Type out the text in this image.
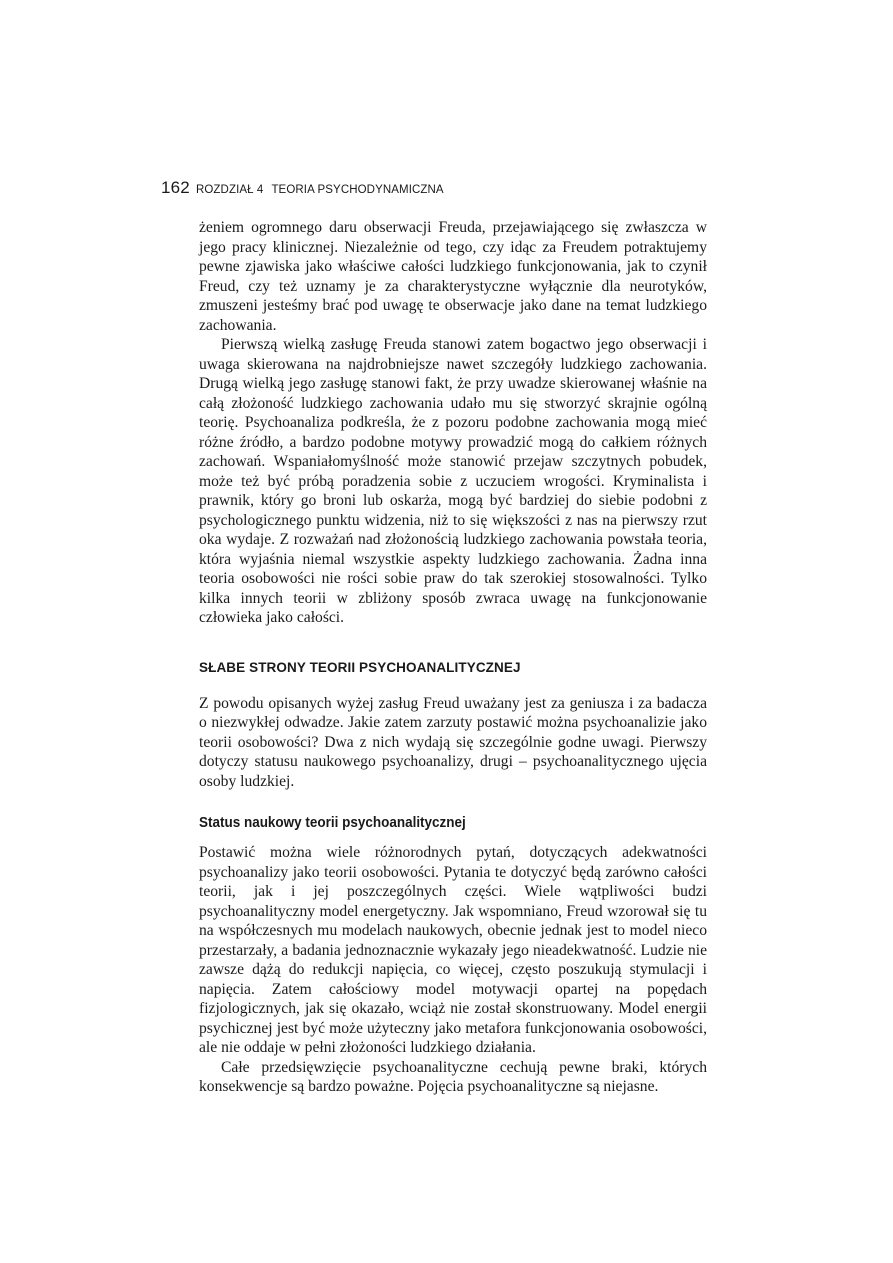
162 ROZDZIAŁ 4 TEORIA PSYCHODYNAMICZNA

żeniem ogromnego daru obserwacji Freuda, przejawiającego się zwłaszcza w jego pracy klinicznej. Niezależnie od tego, czy idąc za Freudem potraktujemy pewne zjawiska jako właściwe całości ludzkiego funkcjonowania, jak to czynił Freud, czy też uznamy je za charakterystyczne wyłącznie dla neurotyków, zmuszeni jesteśmy brać pod uwagę te obserwacje jako dane na temat ludzkiego zachowania.

Pierwszą wielką zasługę Freuda stanowi zatem bogactwo jego obserwacji i uwaga skierowana na najdrobniejsze nawet szczegóły ludzkiego zachowania. Drugą wielką jego zasługę stanowi fakt, że przy uwadze skierowanej właśnie na całą złożoność ludzkiego zachowania udało mu się stworzyć skrajnie ogólną teorię. Psychoanaliza podkreśla, że z pozoru podobne zachowania mogą mieć różne źródło, a bardzo podobne motywy prowadzić mogą do całkiem różnych zachowań. Wspaniałomyślność może stanowić przejaw szczytnych pobudek, może też być próbą poradzenia sobie z uczuciem wrogości. Kryminalista i prawnik, który go broni lub oskarża, mogą być bardziej do siebie podobni z psychologicznego punktu widzenia, niż to się większości z nas na pierwszy rzut oka wydaje. Z rozważań nad złożonością ludzkiego zachowania powstała teoria, która wyjaśnia niemal wszystkie aspekty ludzkiego zachowania. Żadna inna teoria osobowości nie rości sobie praw do tak szerokiej stosowalności. Tylko kilka innych teorii w zbliżony sposób zwraca uwagę na funkcjonowanie człowieka jako całości.

SŁABE STRONY TEORII PSYCHOANALITYCZNEJ

Z powodu opisanych wyżej zasług Freud uważany jest za geniusza i za badacza o niezwykłej odwadze. Jakie zatem zarzuty postawić można psychoanalizie jako teorii osobowości? Dwa z nich wydają się szczególnie godne uwagi. Pierwszy dotyczy statusu naukowego psychoanalizy, drugi – psychoanalitycznego ujęcia osoby ludzkiej.

Status naukowy teorii psychoanalitycznej

Postawić można wiele różnorodnych pytań, dotyczących adekwatności psychoanalizy jako teorii osobowości. Pytania te dotyczyć będą zarówno całości teorii, jak i jej poszczególnych części. Wiele wątpliwości budzi psychoanalityczny model energetyczny. Jak wspomniano, Freud wzorował się tu na współczesnych mu modelach naukowych, obecnie jednak jest to model nieco przestarzały, a badania jednoznacznie wykazały jego nieadekwatność. Ludzie nie zawsze dążą do redukcji napięcia, co więcej, często poszukują stymulacji i napięcia. Zatem całościowy model motywacji opartej na popędach fizjologicznych, jak się okazało, wciąż nie został skonstruowany. Model energii psychicznej jest być może użyteczny jako metafora funkcjonowania osobowości, ale nie oddaje w pełni złożoności ludzkiego działania.

Całe przedsięwzięcie psychoanalityczne cechują pewne braki, których konsekwencje są bardzo poważne. Pojęcia psychoanalityczne są niejasne.
